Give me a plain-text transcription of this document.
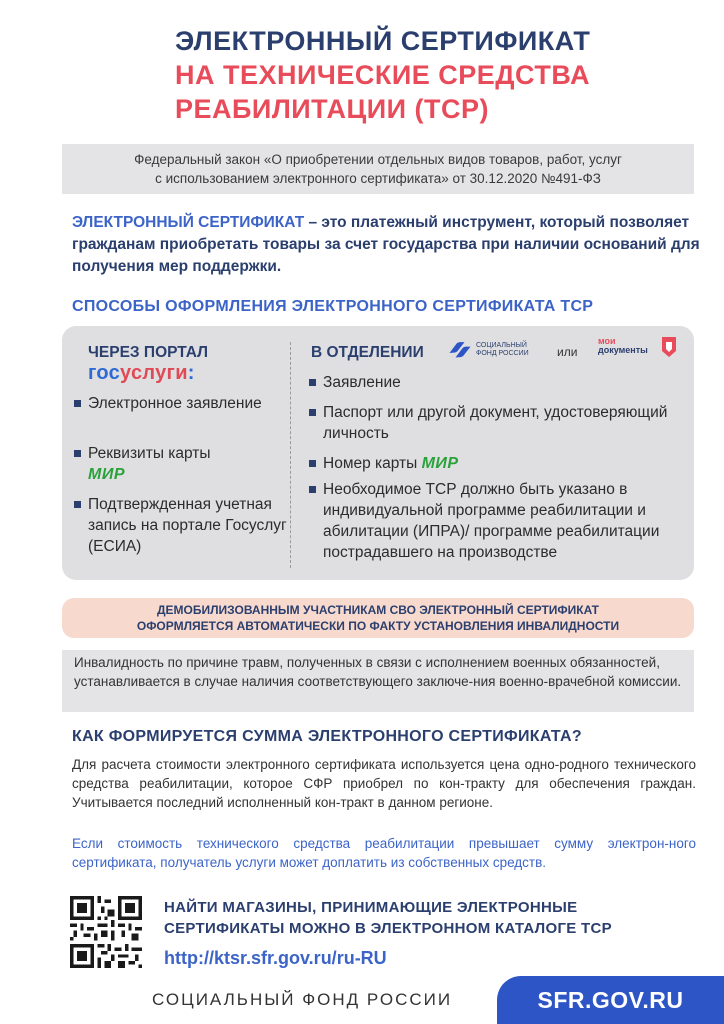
ЭЛЕКТРОННЫЙ СЕРТИФИКАТ
НА ТЕХНИЧЕСКИЕ СРЕДСТВА
РЕАБИЛИТАЦИИ (ТСР)
Федеральный закон «О приобретении отдельных видов товаров, работ, услуг
с использованием электронного сертификата» от 30.12.2020 №491-ФЗ
ЭЛЕКТРОННЫЙ СЕРТИФИКАТ – это платежный инструмент, который позволяет гражданам приобретать товары за счет государства при наличии оснований для получения мер поддержки.
СПОСОБЫ ОФОРМЛЕНИЯ ЭЛЕКТРОННОГО СЕРТИФИКАТА ТСР
ЧЕРЕЗ ПОРТАЛ
госуслуги:
Электронное заявление
Реквизиты карты
МИР
Подтвержденная учетная запись на портале Госуслуг (ЕСИА)
В ОТДЕЛЕНИИ	СОЦИАЛЬНЫЙ
ФОНД РОССИИ или
мои
документы
Заявление
Паспорт или другой документ, удостоверяющий личность
Номер карты МИР
Необходимое ТСР должно быть указано в индивидуальной программе реабилитации и абилитации (ИПРА)/ программе реабилитации пострадавшего на производстве
ДЕМОБИЛИЗОВАННЫМ УЧАСТНИКАМ СВО ЭЛЕКТРОННЫЙ СЕРТИФИКАТ
ОФОРМЛЯЕТСЯ АВТОМАТИЧЕСКИ ПО ФАКТУ УСТАНОВЛЕНИЯ ИНВАЛИДНОСТИ
Инвалидность по причине травм, полученных в связи с исполнением военных обязанностей, устанавливается в случае наличия соответствующего заключе-ния военно-врачебной комиссии.
КАК ФОРМИРУЕТСЯ СУММА ЭЛЕКТРОННОГО СЕРТИФИКАТА?
Для расчета стоимости электронного сертификата используется цена одно-родного технического средства реабилитации, которое СФР приобрел по кон-тракту для обеспечения граждан. Учитывается последний исполненный кон-тракт в данном регионе.
Если стоимость технического средства реабилитации превышает сумму электрон-ного сертификата, получатель услуги может доплатить из собственных средств.
НАЙТИ МАГАЗИНЫ, ПРИНИМАЮЩИЕ ЭЛЕКТРОННЫЕ
СЕРТИФИКАТЫ МОЖНО В ЭЛЕКТРОННОМ КАТАЛОГЕ ТСР
http://ktsr.sfr.gov.ru/ru-RU
СОЦИАЛЬНЫЙ ФОНД РОССИИ	SFR.GOV.RU
